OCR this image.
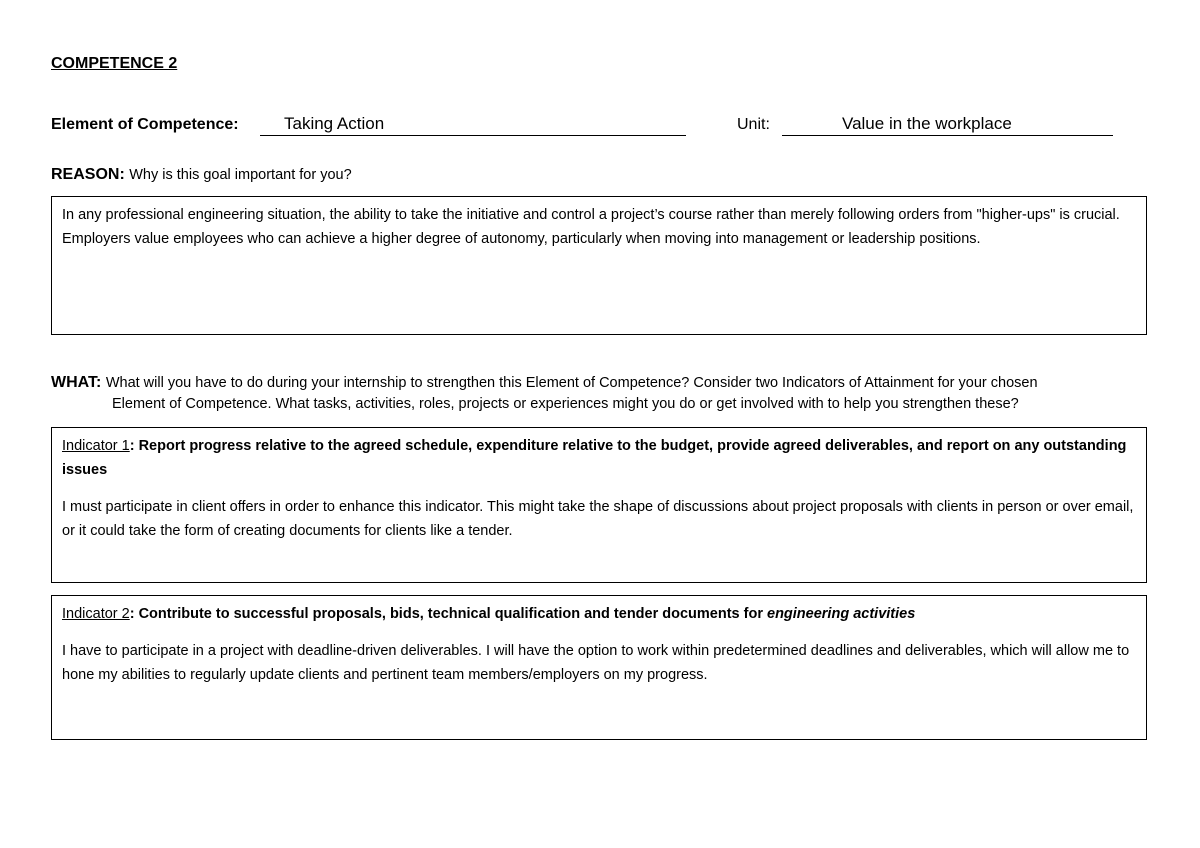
COMPETENCE 2
Element of Competence:	Taking Action	Unit:	Value in the workplace
REASON: Why is this goal important for you?

In any professional engineering situation, the ability to take the initiative and control a project’s course rather than merely following orders from "higher-ups" is crucial. Employers value employees who can achieve a higher degree of autonomy, particularly when moving into management or leadership positions.

WHAT: What will you have to do during your internship to strengthen this Element of Competence? Consider two Indicators of Attainment for your chosen
Element of Competence. What tasks, activities, roles, projects or experiences might you do or get involved with to help you strengthen these?

Indicator 1: Report progress relative to the agreed schedule, expenditure relative to the budget, provide agreed deliverables, and report on any outstanding issues

I must participate in client offers in order to enhance this indicator. This might take the shape of discussions about project proposals with clients in person or over email, or it could take the form of creating documents for clients like a tender.

Indicator 2: Contribute to successful proposals, bids, technical qualification and tender documents for engineering activities

I have to participate in a project with deadline-driven deliverables. I will have the option to work within predetermined deadlines and deliverables, which will allow me to hone my abilities to regularly update clients and pertinent team members/employers on my progress.
